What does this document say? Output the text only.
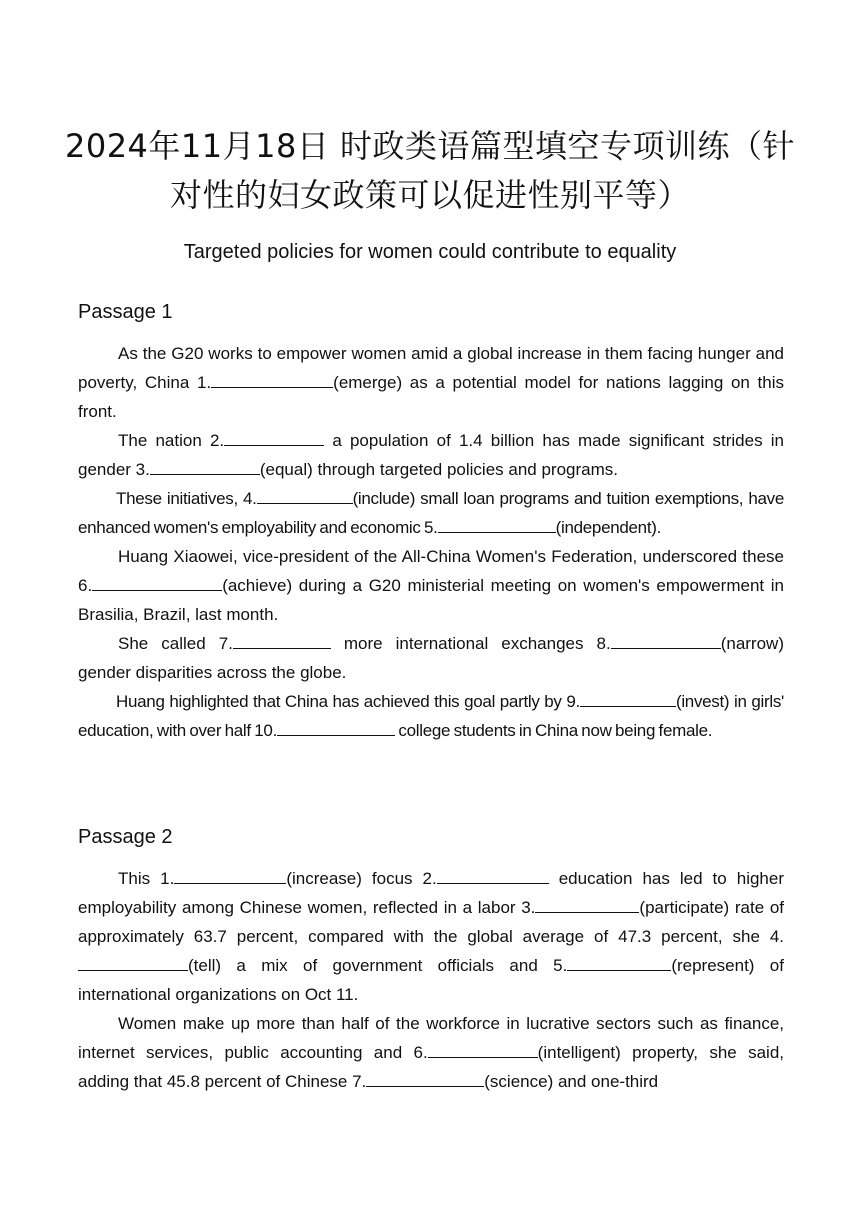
2024年11月18日 时政类语篇型填空专项训练（针
对性的妇女政策可以促进性别平等）
Targeted policies for women could contribute to equality
Passage 1

As the G20 works to empower women amid a global increase in them facing hunger and poverty, China 1.	(emerge) as a potential model for nations lagging on this front.

The nation 2.	a population of 1.4 billion has made significant strides in gender 3.	(equal) through targeted policies and programs.

These initiatives, 4.	(include) small loan programs and tuition exemptions, have enhanced women's employability and economic 5.	(independent).

Huang Xiaowei, vice-president of the All-China Women's Federation, underscored these 6.	(achieve) during a G20 ministerial meeting on women's empowerment in Brasilia, Brazil, last month.

She called 7.	more international exchanges 8.	(narrow) gender disparities across the globe.

Huang highlighted that China has achieved this goal partly by 9.	(invest) in girls' education, with over half 10.	college students in China now being female.

Passage 2

This 1.	(increase) focus 2.	education has led to higher employability among Chinese women, reflected in a labor 3.	(participate) rate of approximately 63.7 percent, compared with the global average of 47.3 percent, she 4.(tell) a mix of government officials and 5.	(represent) of international organizations on Oct 11.

Women make up more than half of the workforce in lucrative sectors such as finance, internet services, public accounting and 6.	(intelligent) property, she said, adding that 45.8 percent of Chinese 7.	(science) and one-third
